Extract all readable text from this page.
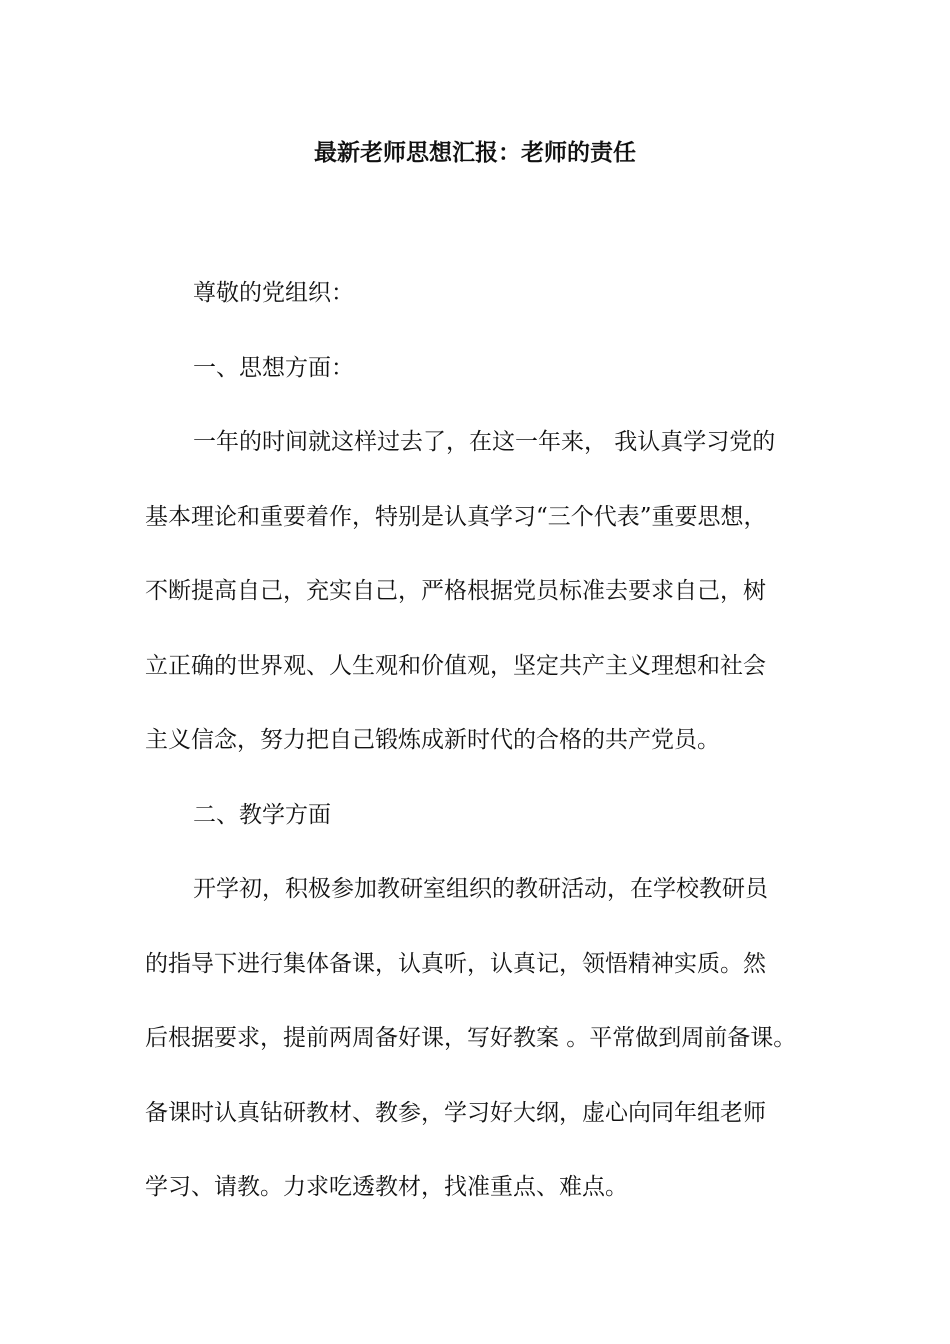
最新老师思想汇报：老师的责任

尊敬的党组织：

一、思想方面：

一年的时间就这样过去了，在这一年来， 我认真学习党的
基本理论和重要着作，特别是认真学习“三个代表”重要思想，
不断提高自己，充实自己，严格根据党员标准去要求自己，树
立正确的世界观、人生观和价值观，坚定共产主义理想和社会
主义信念，努力把自己锻炼成新时代的合格的共产党员。

二、教学方面

开学初，积极参加教研室组织的教研活动，在学校教研员
的指导下进行集体备课，认真听，认真记，领悟精神实质。然
后根据要求，提前两周备好课，写好教案 。平常做到周前备课。
备课时认真钻研教材、教参，学习好大纲，虚心向同年组老师
学习、请教。力求吃透教材，找准重点、难点。
